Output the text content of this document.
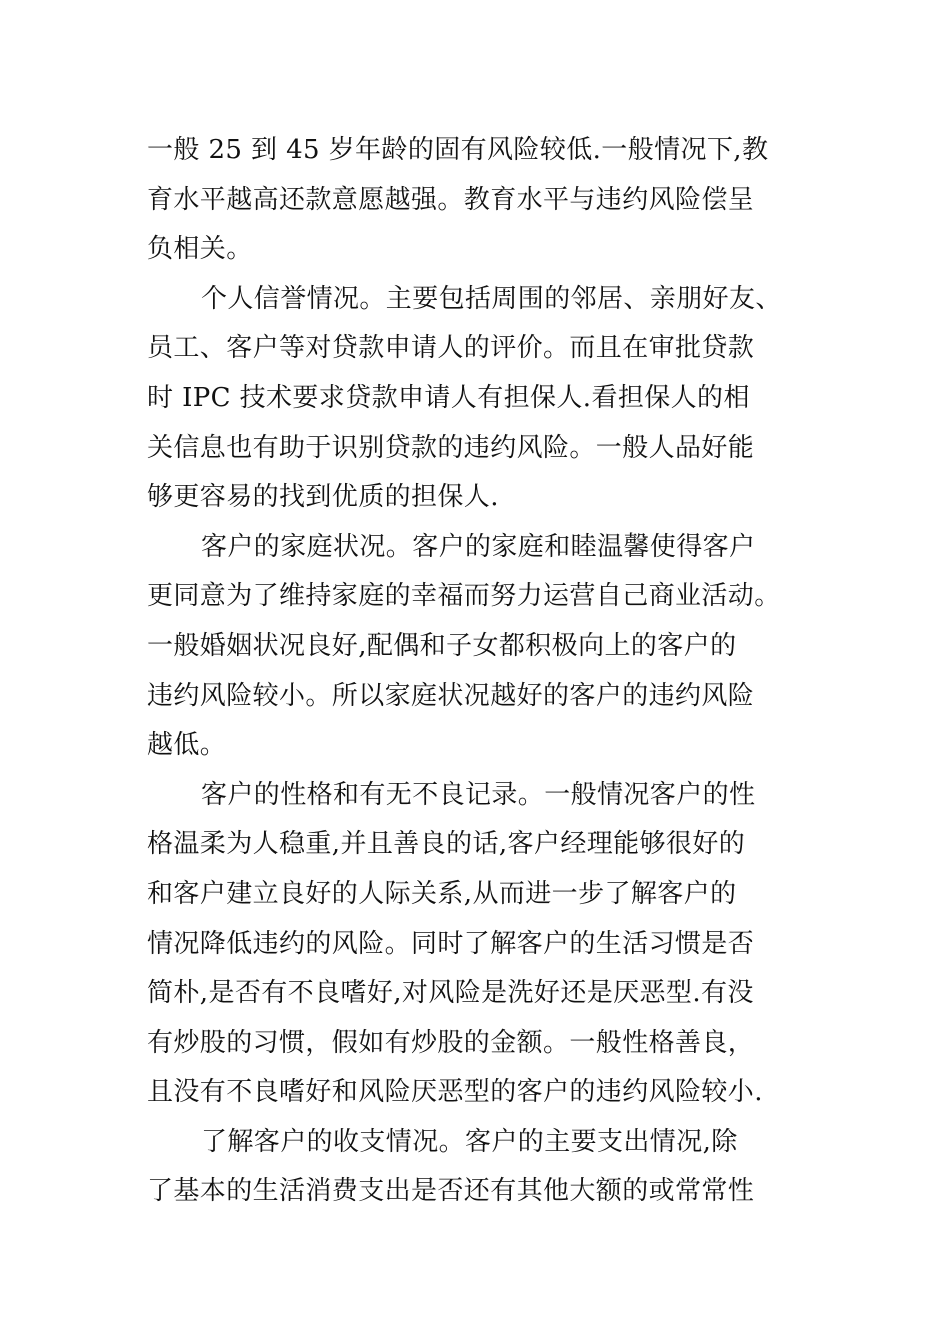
一般 25 到 45 岁年龄的固有风险较低.一般情况下,教
育水平越高还款意愿越强。教育水平与违约风险偿呈
负相关。
个人信誉情况。主要包括周围的邻居、亲朋好友、
员工、客户等对贷款申请人的评价。而且在审批贷款
时 IPC 技术要求贷款申请人有担保人.看担保人的相
关信息也有助于识别贷款的违约风险。一般人品好能
够更容易的找到优质的担保人.
客户的家庭状况。客户的家庭和睦温馨使得客户
更同意为了维持家庭的幸福而努力运营自己商业活动。
一般婚姻状况良好,配偶和子女都积极向上的客户的
违约风险较小。所以家庭状况越好的客户的违约风险
越低。
客户的性格和有无不良记录。一般情况客户的性
格温柔为人稳重,并且善良的话,客户经理能够很好的
和客户建立良好的人际关系,从而进一步了解客户的
情况降低违约的风险。同时了解客户的生活习惯是否
简朴,是否有不良嗜好,对风险是洗好还是厌恶型.有没
有炒股的习惯，假如有炒股的金额。一般性格善良，
且没有不良嗜好和风险厌恶型的客户的违约风险较小.
了解客户的收支情况。客户的主要支出情况,除
了基本的生活消费支出是否还有其他大额的或常常性
